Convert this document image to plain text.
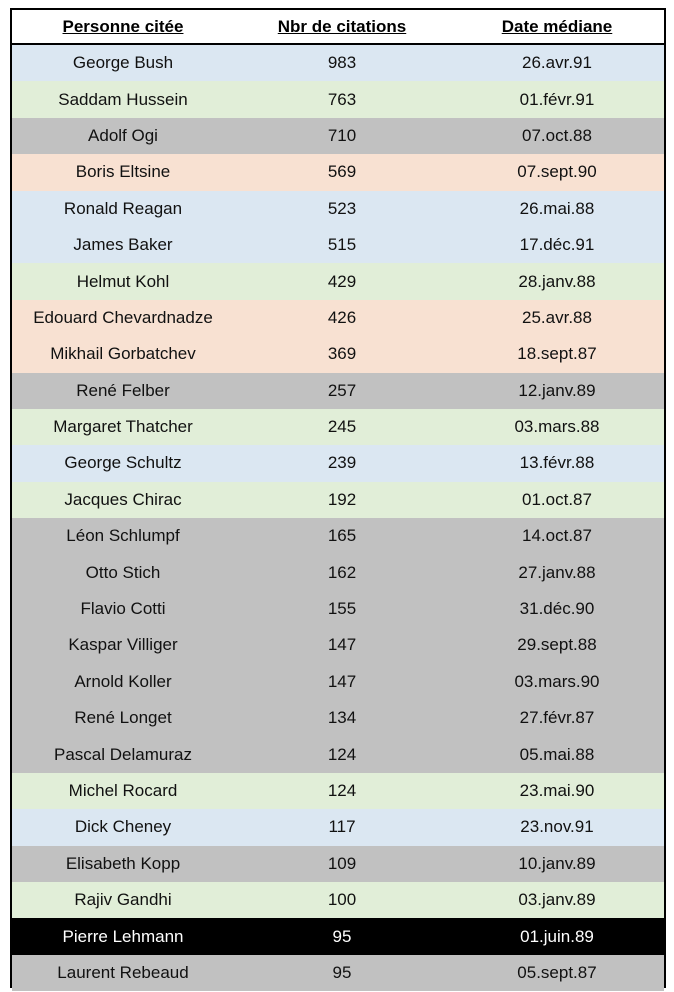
Personne citée	Nbr de citations	Date médiane
George Bush	983	26.avr.91
Saddam Hussein	763	01.févr.91
Adolf Ogi	710	07.oct.88
Boris Eltsine	569	07.sept.90
Ronald Reagan	523	26.mai.88
James Baker	515	17.déc.91
Helmut Kohl	429	28.janv.88
Edouard Chevardnadze	426	25.avr.88
Mikhail Gorbatchev	369	18.sept.87
René Felber	257	12.janv.89
Margaret Thatcher	245	03.mars.88
George Schultz	239	13.févr.88
Jacques Chirac	192	01.oct.87
Léon Schlumpf	165	14.oct.87
Otto Stich	162	27.janv.88
Flavio Cotti	155	31.déc.90
Kaspar Villiger	147	29.sept.88
Arnold Koller	147	03.mars.90
René Longet	134	27.févr.87
Pascal Delamuraz	124	05.mai.88
Michel Rocard	124	23.mai.90
Dick Cheney	117	23.nov.91
Elisabeth Kopp	109	10.janv.89
Rajiv Gandhi	100	03.janv.89
Pierre Lehmann	95	01.juin.89
Laurent Rebeaud	95	05.sept.87
